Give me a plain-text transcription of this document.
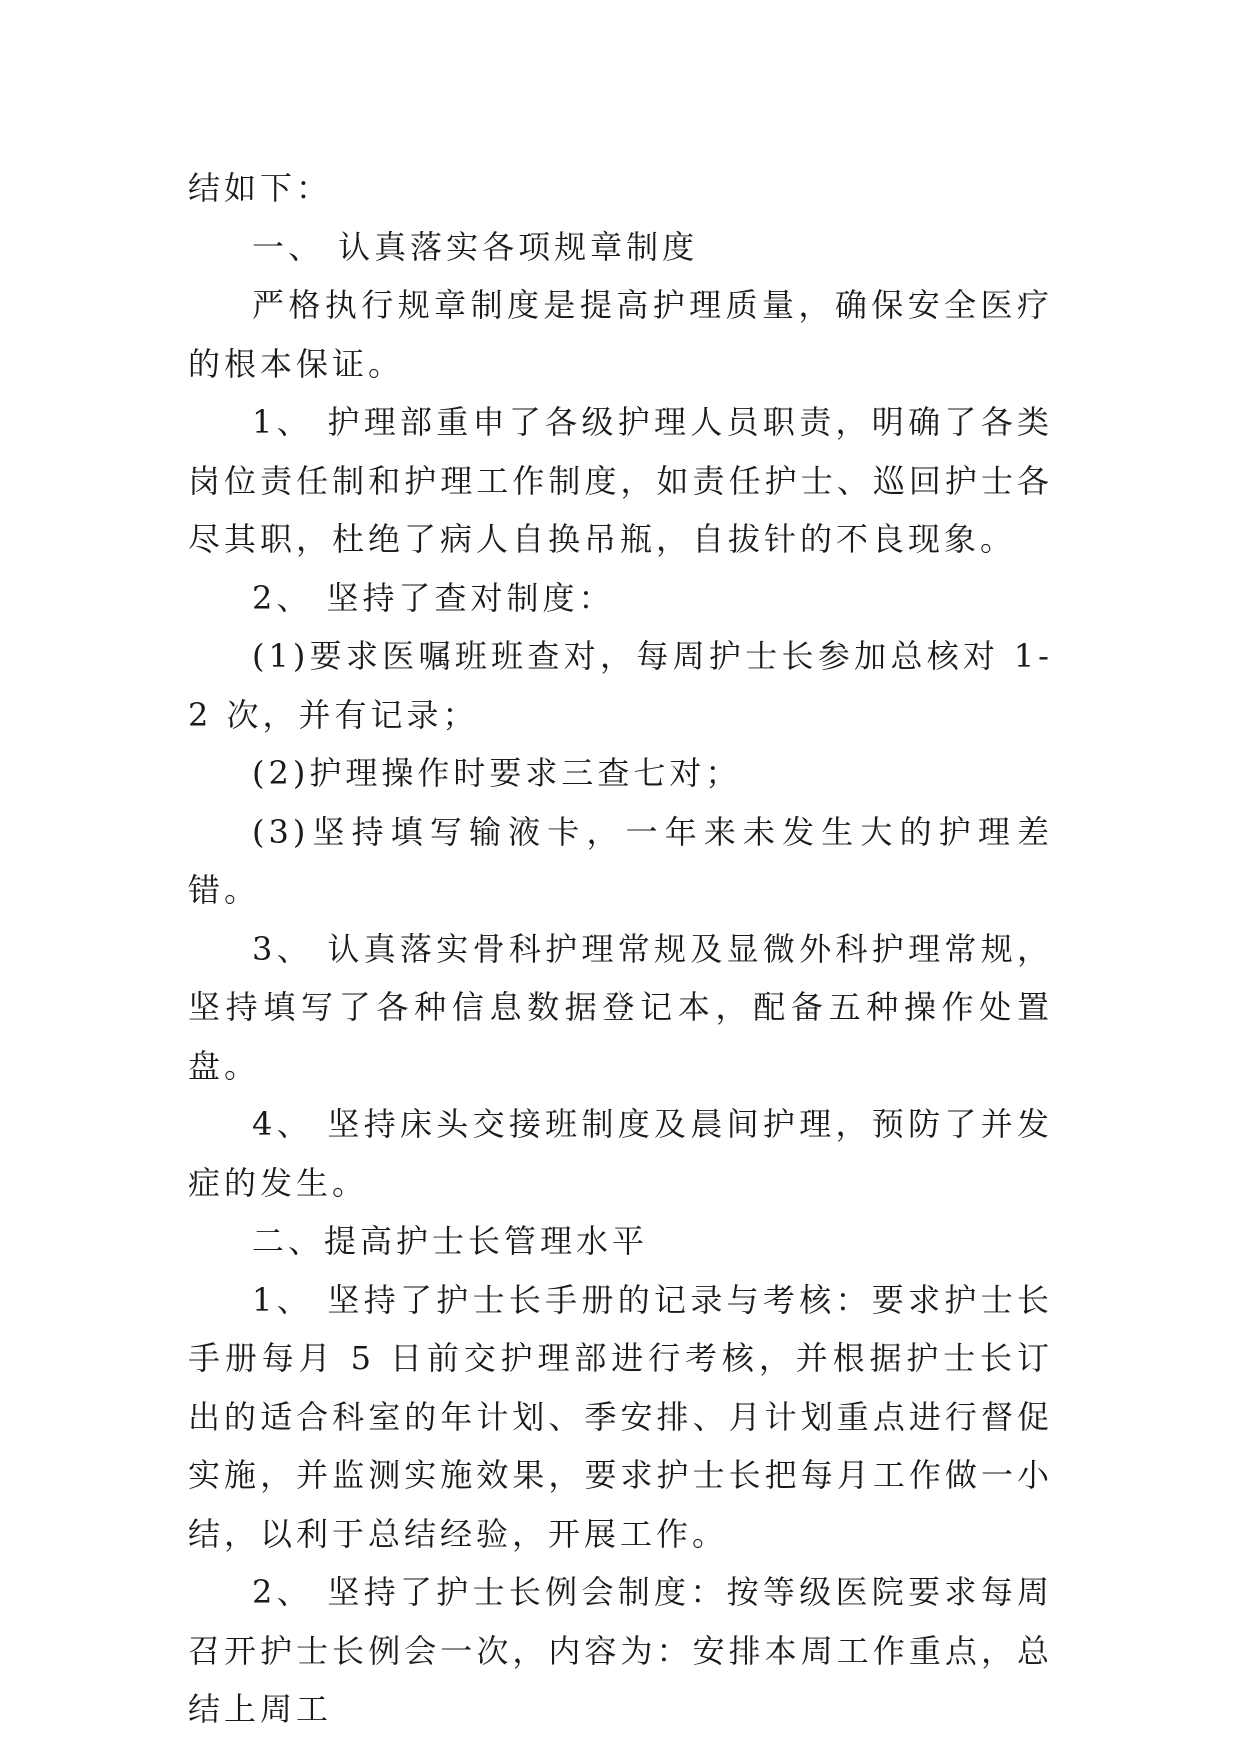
结如下：

一、 认真落实各项规章制度

严格执行规章制度是提高护理质量，确保安全医疗的根本保证。

1、 护理部重申了各级护理人员职责，明确了各类岗位责任制和护理工作制度，如责任护士、巡回护士各尽其职，杜绝了病人自换吊瓶，自拔针的不良现象。

2、 坚持了查对制度：

(1)要求医嘱班班查对，每周护士长参加总核对 1-2 次，并有记录；

(2)护理操作时要求三查七对；

(3)坚持填写输液卡，一年来未发生大的护理差错。

3、 认真落实骨科护理常规及显微外科护理常规，坚持填写了各种信息数据登记本，配备五种操作处置盘。

4、 坚持床头交接班制度及晨间护理，预防了并发症的发生。

二、提高护士长管理水平

1、 坚持了护士长手册的记录与考核：要求护士长手册每月 5 日前交护理部进行考核，并根据护士长订出的适合科室的年计划、季安排、月计划重点进行督促实施，并监测实施效果，要求护士长把每月工作做一小结，以利于总结经验，开展工作。

2、 坚持了护士长例会制度：按等级医院要求每周召开护士长例会一次，内容为：安排本周工作重点，总结上周工
